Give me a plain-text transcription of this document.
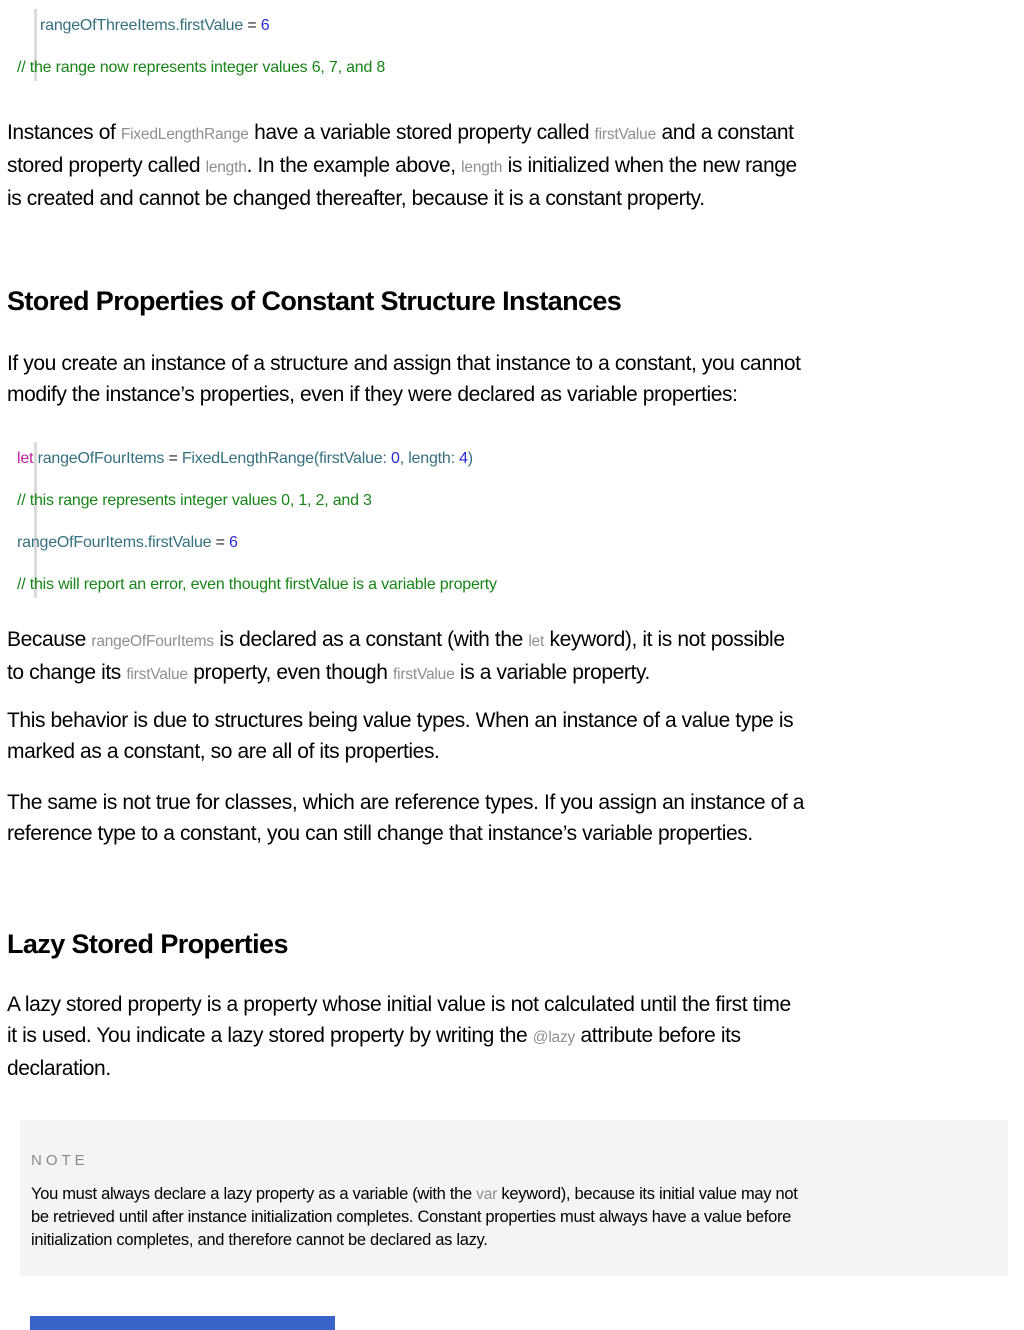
rangeOfThreeItems.firstValue = 6
// the range now represents integer values 6, 7, and 8
Instances of FixedLengthRange have a variable stored property called firstValue and a constant
stored property called length. In the example above, length is initialized when the new range
is created and cannot be changed thereafter, because it is a constant property.
Stored Properties of Constant Structure Instances
If you create an instance of a structure and assign that instance to a constant, you cannot
modify the instance’s properties, even if they were declared as variable properties:
let rangeOfFourItems = FixedLengthRange(firstValue: 0, length: 4)
// this range represents integer values 0, 1, 2, and 3
rangeOfFourItems.firstValue = 6
// this will report an error, even thought firstValue is a variable property
Because rangeOfFourItems is declared as a constant (with the let keyword), it is not possible
to change its firstValue property, even though firstValue is a variable property.
This behavior is due to structures being value types. When an instance of a value type is
marked as a constant, so are all of its properties.
The same is not true for classes, which are reference types. If you assign an instance of a
reference type to a constant, you can still change that instance’s variable properties.
Lazy Stored Properties
A lazy stored property is a property whose initial value is not calculated until the first time
it is used. You indicate a lazy stored property by writing the @lazy attribute before its
declaration.
NOTE
You must always declare a lazy property as a variable (with the var keyword), because its initial value may not
be retrieved until after instance initialization completes. Constant properties must always have a value before
initialization completes, and therefore cannot be declared as lazy.
